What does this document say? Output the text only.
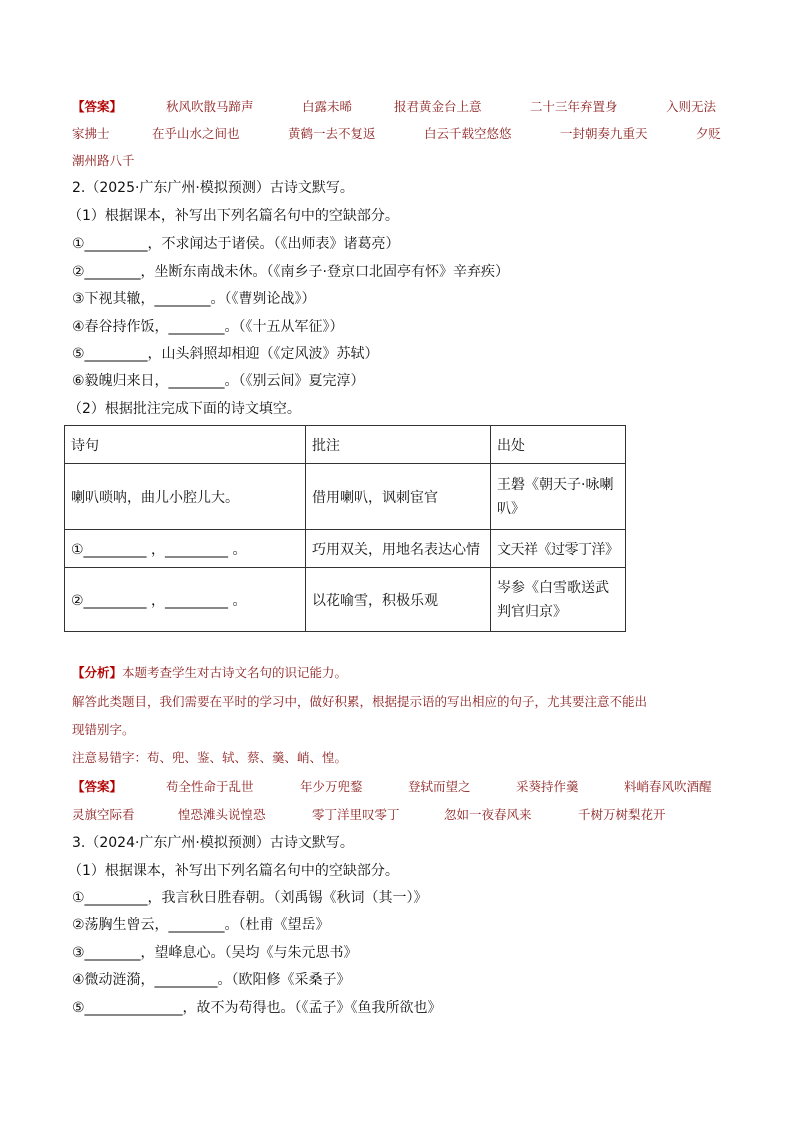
【答案】	秋风吹散马蹄声	白露未晞	报君黄金台上意	二十三年弃置身	入则无法
家拂士	在乎山水之间也	黄鹤一去不复返	白云千载空悠悠	一封朝奏九重天	夕贬
潮州路八千
2.（2025·广东广州·模拟预测）古诗文默写。
（1）根据课本，补写出下列名篇名句中的空缺部分。
①_________，不求闻达于诸侯。（《出师表》诸葛亮）
②________，坐断东南战未休。（《南乡子·登京口北固亭有怀》辛弃疾）
③下视其辙，________。（《曹刿论战》）
④春谷持作饭，________。（《十五从军征》）
⑤_________，山头斜照却相迎（《定风波》苏轼）
⑥毅魄归来日，________。（《别云间》夏完淳）
（2）根据批注完成下面的诗文填空。
诗句	批注	出处
喇叭唢呐，曲儿小腔儿大。	借用喇叭，讽刺宦官	王磐《朝天子·咏喇叭》
①_________ ，_________ 。	巧用双关，用地名表达心情	文天祥《过零丁洋》
②_________ ，_________ 。	以花喻雪，积极乐观	岑参《白雪歌送武判官归京》
【分析】本题考查学生对古诗文名句的识记能力。
解答此类题目，我们需要在平时的学习中，做好积累，根据提示语的写出相应的句子，尤其要注意不能出
现错别字。
注意易错字：苟、兜、鉴、轼、蔡、羹、峭、惶。
【答案】	苟全性命于乱世	年少万兜鍪	登轼而望之	采葵持作羹	料峭春风吹酒醒
灵旗空际看	惶恐滩头说惶恐	零丁洋里叹零丁	忽如一夜春风来	千树万树梨花开
3.（2024·广东广州·模拟预测）古诗文默写。
（1）根据课本，补写出下列名篇名句中的空缺部分。
①_________，我言秋日胜春朝。（刘禹锡《秋词（其一）》
②荡胸生曾云，________。（杜甫《望岳》
③________，望峰息心。（吴均《与朱元思书》
④微动涟漪，_________。（欧阳修《采桑子》
⑤______________，故不为苟得也。（《孟子》《鱼我所欲也》
